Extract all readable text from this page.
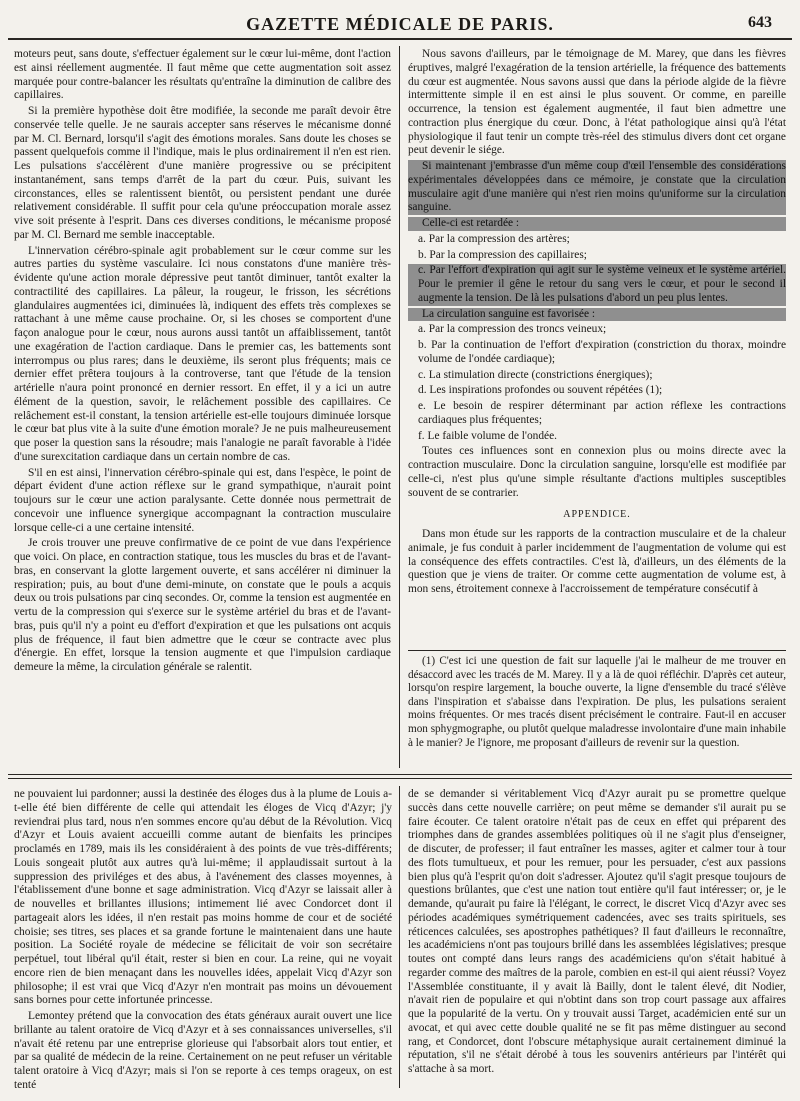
GAZETTE MÉDICALE DE PARIS.	643

moteurs peut, sans doute, s'effectuer également sur le cœur lui-même, dont l'action est ainsi réellement augmentée. Il faut même que cette augmentation soit assez marquée pour contre-balancer les résultats qu'entraîne la diminution de calibre des capillaires.

Si la première hypothèse doit être modifiée, la seconde me paraît devoir être conservée telle quelle. Je ne saurais accepter sans réserves le mécanisme donné par M. Cl. Bernard, lorsqu'il s'agit des émotions morales. Sans doute les choses se passent quelquefois comme il l'indique, mais le plus ordinairement il n'en est rien. Les pulsations s'accélèrent d'une manière progressive ou se précipitent instantanément, sans temps d'arrêt de la part du cœur. Puis, suivant les circonstances, elles se ralentissent bientôt, ou persistent pendant une durée relativement considérable. Il suffit pour cela qu'une préoccupation morale assez vive soit présente à l'esprit. Dans ces diverses conditions, le mécanisme proposé par M. Cl. Bernard me semble inacceptable.

L'innervation cérébro-spinale agit probablement sur le cœur comme sur les autres parties du système vasculaire. Ici nous constatons d'une manière très-évidente qu'une action morale dépressive peut tantôt diminuer, tantôt exalter la contractilité des capillaires. La pâleur, la rougeur, le frisson, les sécrétions glandulaires augmentées ici, diminuées là, indiquent des effets très complexes se rattachant à une même cause prochaine. Or, si les choses se comportent d'une façon analogue pour le cœur, nous aurons aussi tantôt un affaiblissement, tantôt une exagération de l'action cardiaque. Dans le premier cas, les battements sont interrompus ou plus rares; dans le deuxième, ils seront plus fréquents; mais ce dernier effet prêtera toujours à la controverse, tant que l'étude de la tension artérielle n'aura point prononcé en dernier ressort. En effet, il y a ici un autre élément de la question, savoir, le relâchement possible des capillaires. Ce relâchement est-il constant, la tension artérielle est-elle toujours diminuée lorsque le cœur bat plus vite à la suite d'une émotion morale? Je ne puis malheureusement que poser la question sans la résoudre; mais l'analogie ne paraît favorable à l'idée d'une surexcitation cardiaque dans un certain nombre de cas.

S'il en est ainsi, l'innervation cérébro-spinale qui est, dans l'espèce, le point de départ évident d'une action réflexe sur le grand sympathique, n'aurait point toujours sur le cœur une action paralysante. Cette donnée nous permettrait de concevoir une influence synergique accompagnant la contraction musculaire lorsque celle-ci a une certaine intensité.

Je crois trouver une preuve confirmative de ce point de vue dans l'expérience que voici. On place, en contraction statique, tous les muscles du bras et de l'avant-bras, en conservant la glotte largement ouverte, et sans accélérer ni diminuer la respiration; puis, au bout d'une demi-minute, on constate que le pouls a acquis deux ou trois pulsations par cinq secondes. Or, comme la tension est augmentée en vertu de la compression qui s'exerce sur le système artériel du bras et de l'avant-bras, puis qu'il n'y a point eu d'effort d'expiration et que les pulsations ont acquis plus de fréquence, il faut bien admettre que le cœur se contracte avec plus d'énergie. En effet, lorsque la tension augmente et que l'impulsion cardiaque demeure la même, la circulation générale se ralentit.

Nous savons d'ailleurs, par le témoignage de M. Marey, que dans les fièvres éruptives, malgré l'exagération de la tension artérielle, la fréquence des battements du cœur est augmentée. Nous savons aussi que dans la période algide de la fièvre intermittente simple il en est ainsi le plus souvent. Or comme, en pareille occurrence, la tension est également augmentée, il faut bien admettre une contraction plus énergique du cœur. Donc, à l'état pathologique ainsi qu'à l'état physiologique il faut tenir un compte très-réel des stimulus divers dont cet organe peut devenir le siége.

Si maintenant j'embrasse d'un même coup d'œil l'ensemble des considérations expérimentales développées dans ce mémoire, je constate que la circulation musculaire agit d'une manière qui n'est rien moins qu'uniforme sur la circulation sanguine.

Celle-ci est retardée :

a. Par la compression des artères;

b. Par la compression des capillaires;

c. Par l'effort d'expiration qui agit sur le système veineux et le système artériel. Pour le premier il gêne le retour du sang vers le cœur, et pour le second il augmente la tension. De là les pulsations d'abord un peu plus lentes.

La circulation sanguine est favorisée :

a. Par la compression des troncs veineux;

b. Par la continuation de l'effort d'expiration (constriction du thorax, moindre volume de l'ondée cardiaque);

c. La stimulation directe (constrictions énergiques);

d. Les inspirations profondes ou souvent répétées (1);

e. Le besoin de respirer déterminant par action réflexe les contractions cardiaques plus fréquentes;

f. Le faible volume de l'ondée.

Toutes ces influences sont en connexion plus ou moins directe avec la contraction musculaire. Donc la circulation sanguine, lorsqu'elle est modifiée par celle-ci, n'est plus qu'une simple résultante d'actions multiples susceptibles souvent de se contrarier.

APPENDICE.

Dans mon étude sur les rapports de la contraction musculaire et de la chaleur animale, je fus conduit à parler incidemment de l'augmentation de volume qui est la conséquence des effets contractiles. C'est là, d'ailleurs, un des éléments de la question que je viens de traiter. Or comme cette augmentation de volume est, à mon sens, étroitement connexe à l'accroissement de température consécutif à

(1) C'est ici une question de fait sur laquelle j'ai le malheur de me trouver en désaccord avec les tracés de M. Marey. Il y a là de quoi réfléchir. D'après cet auteur, lorsqu'on respire largement, la bouche ouverte, la ligne d'ensemble du tracé s'élève dans l'inspiration et s'abaisse dans l'expiration. De plus, les pulsations seraient moins fréquentes. Or mes tracés disent précisément le contraire. Faut-il en accuser mon sphygmographe, ou plutôt quelque maladresse involontaire d'une main inhabile à le manier? Je l'ignore, me proposant d'ailleurs de revenir sur la question.

ne pouvaient lui pardonner; aussi la destinée des éloges dus à la plume de Louis a-t-elle été bien différente de celle qui attendait les éloges de Vicq d'Azyr; j'y reviendrai plus tard, nous n'en sommes encore qu'au début de la Révolution. Vicq d'Azyr et Louis avaient accueilli comme autant de bienfaits les principes proclamés en 1789, mais ils les considéraient à des points de vue très-différents; Louis songeait plutôt aux autres qu'à lui-même; il applaudissait surtout à la suppression des priviléges et des abus, à l'avénement des classes moyennes, à l'établissement d'une bonne et sage administration. Vicq d'Azyr se laissait aller à de nouvelles et brillantes illusions; intimement lié avec Condorcet dont il partageait alors les idées, il n'en restait pas moins homme de cour et de société choisie; ses titres, ses places et sa grande fortune le maintenaient dans une haute position. La Société royale de médecine se félicitait de voir son secrétaire perpétuel, tout libéral qu'il était, rester si bien en cour. La reine, qui ne voyait encore rien de bien menaçant dans les nouvelles idées, appelait Vicq d'Azyr son philosophe; il est vrai que Vicq d'Azyr n'en montrait pas moins un dévouement sans bornes pour cette infortunée princesse.

Lemontey prétend que la convocation des états généraux aurait ouvert une lice brillante au talent oratoire de Vicq d'Azyr et à ses connaissances universelles, s'il n'avait été retenu par une entreprise glorieuse qui l'absorbait alors tout entier, et par sa qualité de médecin de la reine. Certainement on ne peut refuser un véritable talent oratoire à Vicq d'Azyr; mais si l'on se reporte à ces temps orageux, on est tenté

de se demander si véritablement Vicq d'Azyr aurait pu se promettre quelque succès dans cette nouvelle carrière; on peut même se demander s'il aurait pu se faire écouter. Ce talent oratoire n'était pas de ceux en effet qui préparent des triomphes dans de grandes assemblées politiques où il ne s'agit plus d'enseigner, de discuter, de professer; il faut entraîner les masses, agiter et calmer tour à tour des flots tumultueux, et pour les remuer, pour les persuader, c'est aux passions bien plus qu'à l'esprit qu'on doit s'adresser. Ajoutez qu'il s'agit presque toujours de questions brûlantes, que c'est une nation tout entière qu'il faut intéresser; or, je le demande, qu'aurait pu faire là l'élégant, le correct, le discret Vicq d'Azyr avec ses périodes académiques symétriquement cadencées, avec ses traits spirituels, ses réticences calculées, ses apostrophes pathétiques? Il faut d'ailleurs le reconnaître, les académiciens n'ont pas toujours brillé dans les assemblées législatives; presque toutes ont compté dans leurs rangs des académiciens qu'on s'était habitué à regarder comme des maîtres de la parole, combien en est-il qui aient réussi? Voyez l'Assemblée constituante, il y avait là Bailly, dont le talent élevé, dit Nodier, n'avait rien de populaire et qui n'obtint dans son trop court passage aux affaires que la popularité de la vertu. On y trouvait aussi Target, académicien enté sur un avocat, et qui avec cette double qualité ne se fit pas même distinguer au second rang, et Condorcet, dont l'obscure métaphysique aurait certainement diminué la réputation, s'il ne s'était dérobé à tous les souvenirs antérieurs par l'intérêt qui s'attache à sa mort.
